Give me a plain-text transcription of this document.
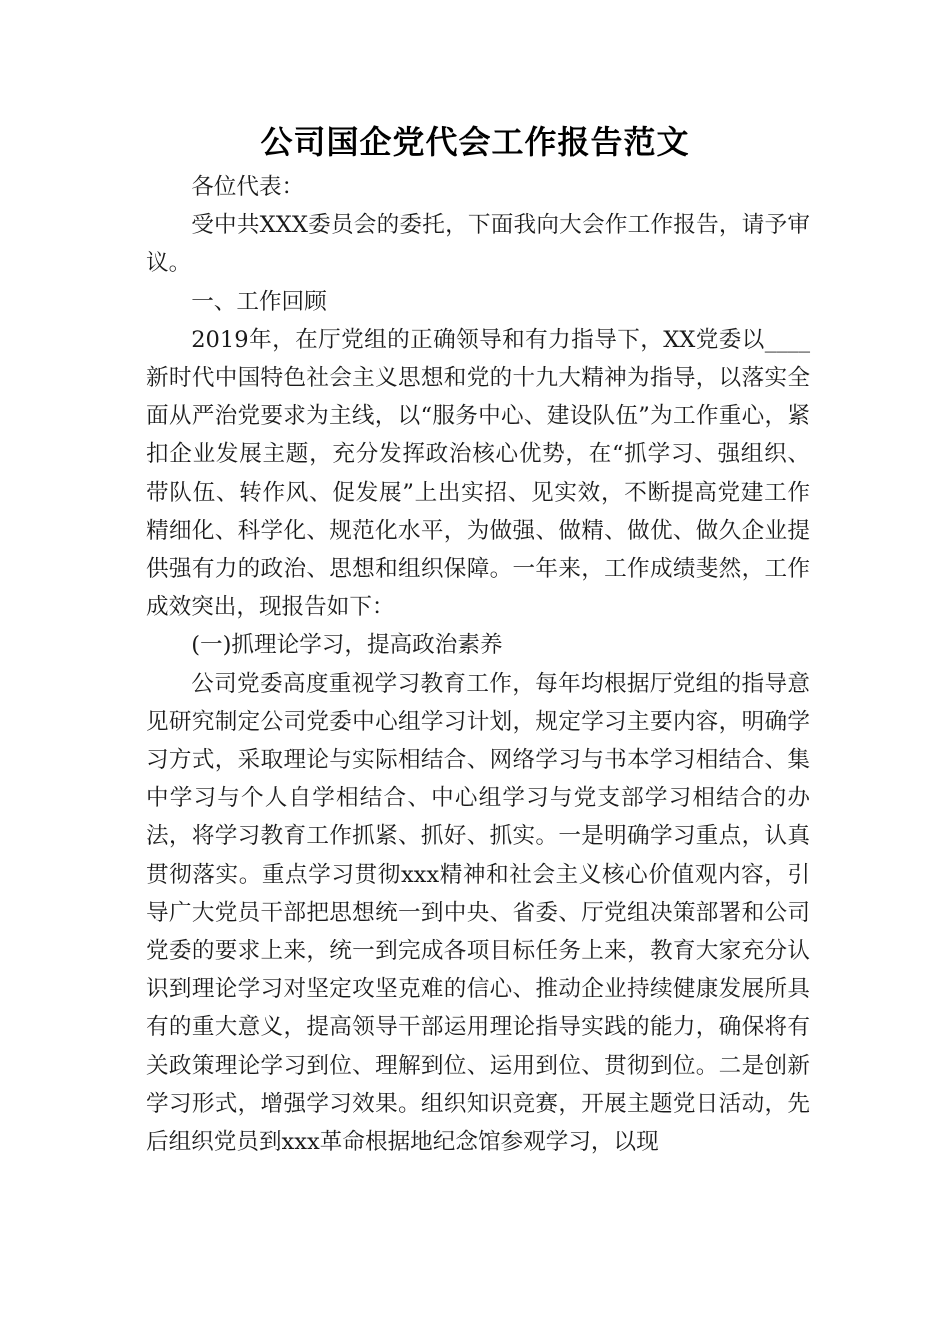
公司国企党代会工作报告范文

各位代表：

受中共XXX委员会的委托，下面我向大会作工作报告，请予审议。

一、工作回顾

2019年，在厅党组的正确领导和有力指导下，XX党委以____新时代中国特色社会主义思想和党的十九大精神为指导，以落实全面从严治党要求为主线，以“服务中心、建设队伍”为工作重心，紧扣企业发展主题，充分发挥政治核心优势，在“抓学习、强组织、带队伍、转作风、促发展”上出实招、见实效，不断提高党建工作精细化、科学化、规范化水平，为做强、做精、做优、做久企业提供强有力的政治、思想和组织保障。一年来，工作成绩斐然，工作成效突出，现报告如下：

(一)抓理论学习，提高政治素养

公司党委高度重视学习教育工作，每年均根据厅党组的指导意见研究制定公司党委中心组学习计划，规定学习主要内容，明确学习方式，采取理论与实际相结合、网络学习与书本学习相结合、集中学习与个人自学相结合、中心组学习与党支部学习相结合的办法，将学习教育工作抓紧、抓好、抓实。一是明确学习重点，认真贯彻落实。重点学习贯彻xxx精神和社会主义核心价值观内容，引导广大党员干部把思想统一到中央、省委、厅党组决策部署和公司党委的要求上来，统一到完成各项目标任务上来，教育大家充分认识到理论学习对坚定攻坚克难的信心、推动企业持续健康发展所具有的重大意义，提高领导干部运用理论指导实践的能力，确保将有关政策理论学习到位、理解到位、运用到位、贯彻到位。二是创新学习形式，增强学习效果。组织知识竞赛，开展主题党日活动，先后组织党员到xxx革命根据地纪念馆参观学习，以现
